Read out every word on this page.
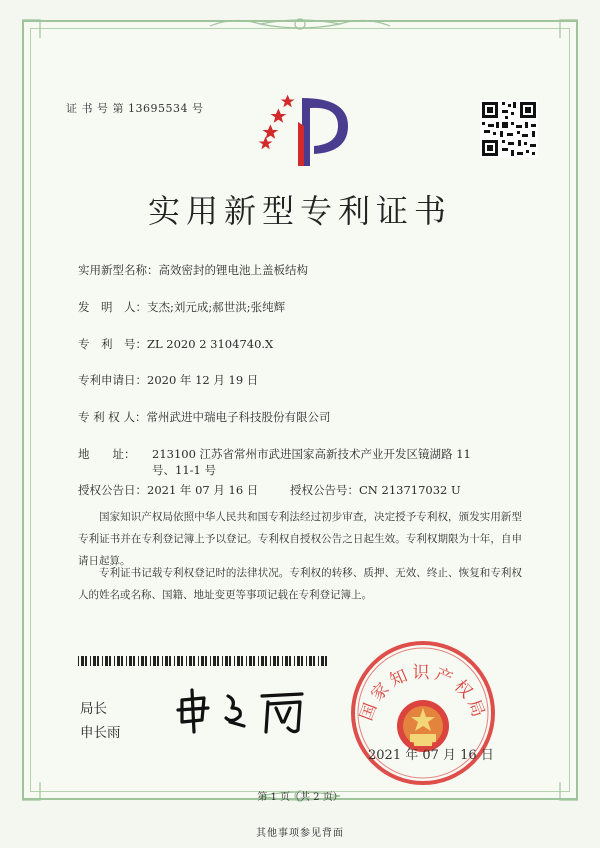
证 书 号 第 13695534 号
实用新型专利证书
实用新型名称：高效密封的锂电池上盖板结构
发　明　人：支杰;刘元成;郝世洪;张纯辉
专　利　号：ZL 2020 2 3104740.X
专利申请日：2020 年 12 月 19 日
专 利 权 人：常州武进中瑞电子科技股份有限公司
地　　址： 213100 江苏省常州市武进国家高新技术产业开发区镜湖路 11 号、11-1 号
授权公告日：2021 年 07 月 16 日	授权公告号：CN 213717032 U
国家知识产权局依照中华人民共和国专利法经过初步审查，决定授予专利权，颁发实用新型专利证书并在专利登记簿上予以登记。专利权自授权公告之日起生效。专利权期限为十年，自申请日起算。
专利证书记载专利权登记时的法律状况。专利权的转移、质押、无效、终止、恢复和专利权人的姓名或名称、国籍、地址变更等事项记载在专利登记簿上。
局长
申长雨
国家知识产权局
2021 年 07 月 16 日
第 1 页（共 2 页）
其他事项参见背面
